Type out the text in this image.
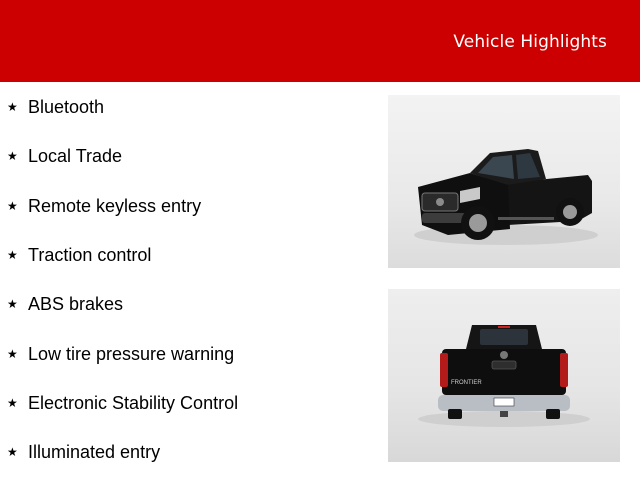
Vehicle Highlights
★ Bluetooth
★ Local Trade
★ Remote keyless entry
★ Traction control
★ ABS brakes
★ Low tire pressure warning
★ Electronic Stability Control
★ Illuminated entry
FRONTIER
